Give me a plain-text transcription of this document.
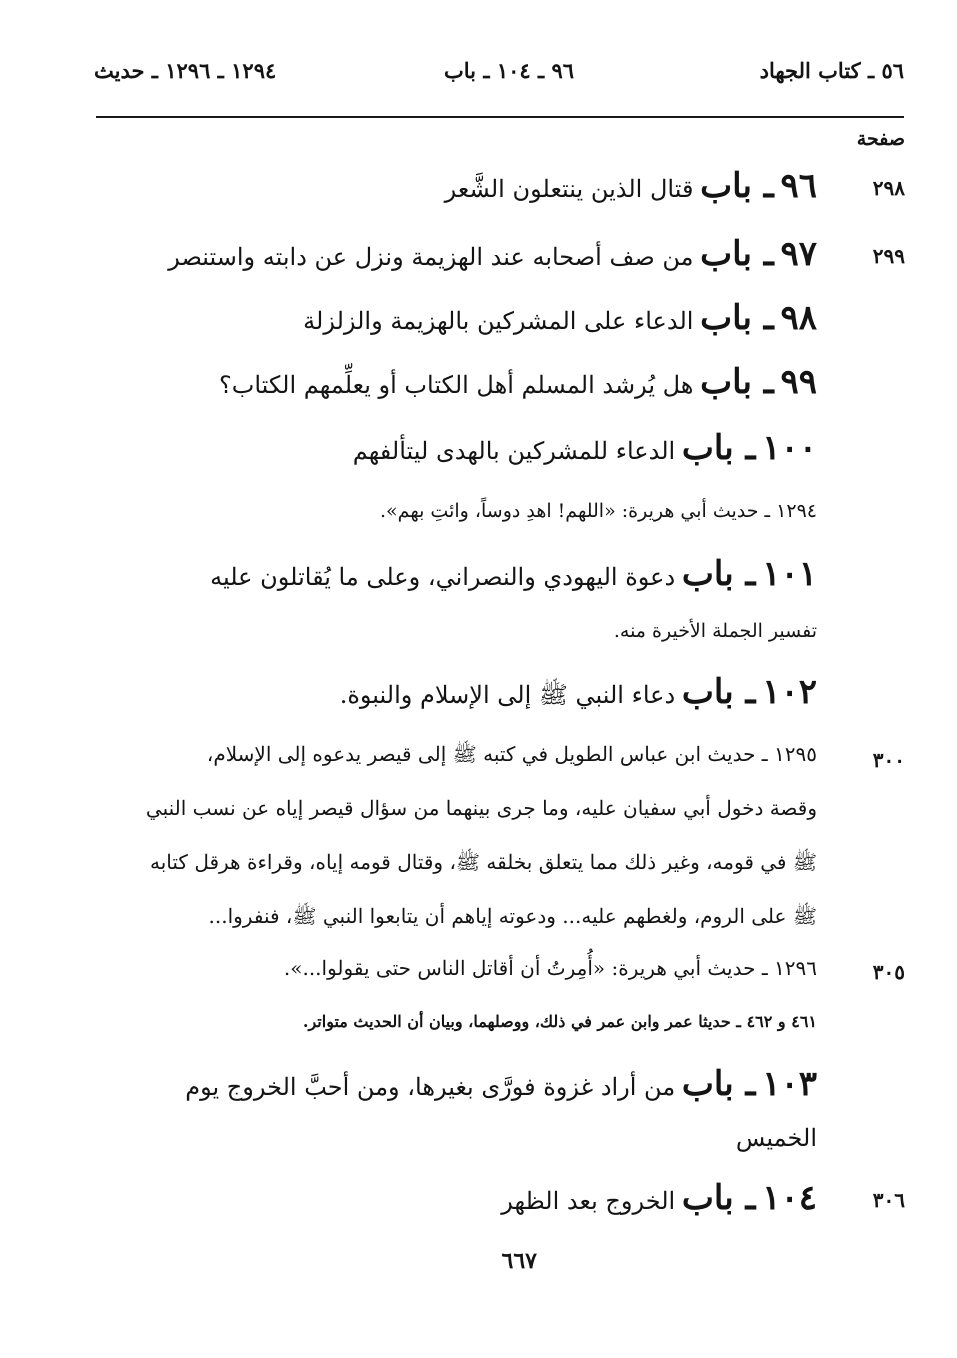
٥٦ ـ كتاب الجهاد
٩٦ ـ ١٠٤ ـ باب
١٢٩٤ ـ ١٢٩٦ ـ حديث
صفحة
٢٩٨
٩٦ ـ باب قتال الذين ينتعلون الشَّعر
٢٩٩
٩٧ ـ باب من صف أصحابه عند الهزيمة ونزل عن دابته واستنصر
٩٨ ـ باب الدعاء على المشركين بالهزيمة والزلزلة
٩٩ ـ باب هل يُرشد المسلم أهل الكتاب أو يعلِّمهم الكتاب؟
١٠٠ ـ باب الدعاء للمشركين بالهدى ليتألفهم
١٢٩٤ ـ حديث أبي هريرة: «اللهم! اهدِ دوساً، وائتِ بهم».
١٠١ ـ باب دعوة اليهودي والنصراني، وعلى ما يُقاتلون عليه
تفسير الجملة الأخيرة منه.
١٠٢ ـ باب دعاء النبي ﷺ إلى الإسلام والنبوة.
٣٠٠
١٢٩٥ ـ حديث ابن عباس الطويل في كتبه ﷺ إلى قيصر يدعوه إلى الإسلام،
وقصة دخول أبي سفيان عليه، وما جرى بينهما من سؤال قيصر إياه عن نسب النبي
ﷺ في قومه، وغير ذلك مما يتعلق بخلقه ﷺ، وقتال قومه إياه، وقراءة هرقل كتابه
ﷺ على الروم، ولغطهم عليه... ودعوته إياهم أن يتابعوا النبي ﷺ، فنفروا...
٣٠٥
١٢٩٦ ـ حديث أبي هريرة: «أُمِرتُ أن أقاتل الناس حتى يقولوا...».
٤٦١ و ٤٦٢ ـ حديثا عمر وابن عمر في ذلك، ووصلهما، وبيان أن الحديث متواتر.
١٠٣ ـ باب من أراد غزوة فورَّى بغيرها، ومن أحبَّ الخروج يوم
الخميس
٣٠٦
١٠٤ ـ باب الخروج بعد الظهر
٦٦٧
